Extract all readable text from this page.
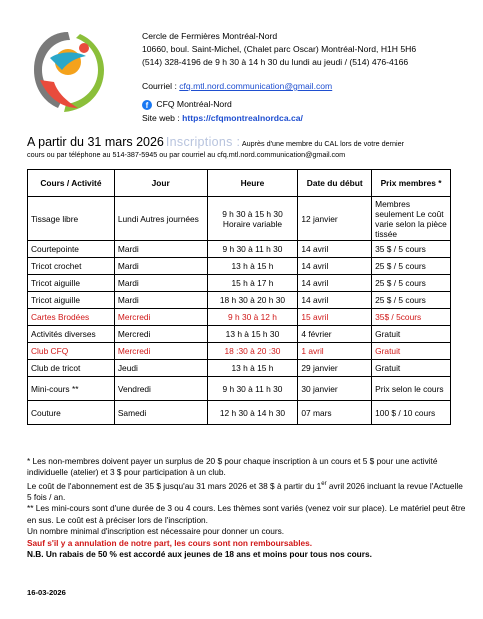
Cercle de Fermières Montréal-Nord
10660, boul. Saint-Michel, (Chalet parc Oscar) Montréal-Nord, H1H 5H6
(514) 328-4196 de 9 h 30 à 14 h 30 du lundi au jeudi / (514) 476-4166
Courriel : cfq.mtl.nord.communication@gmail.com
f CFQ Montréal-Nord
Site web : https://cfqmontrealnordca.ca/
A partir du 31 mars 2026 Inscriptions : Auprès d'une membre du CAL lors de votre dernier
cours ou par téléphone au 514-387-5945 ou par courriel au cfq.mtl.nord.communication@gmail.com
Cours / Activité	Jour	Heure	Date du début	Prix membres *
Tissage libre	Lundi Autres journées	9 h 30 à 15 h 30 Horaire variable	12 janvier	Membres seulement Le coût varie selon la pièce tissée
Courtepointe	Mardi	9 h 30 à 11 h 30	14 avril	35 $ / 5 cours
Tricot crochet	Mardi	13 h à 15 h	14 avril	25 $ / 5 cours
Tricot aiguille	Mardi	15 h à 17 h	14 avril	25 $ / 5 cours
Tricot aiguille	Mardi	18 h 30 à 20 h 30	14 avril	25 $ / 5 cours
Cartes Brodées	Mercredi	9 h 30 à 12 h	15 avril	35$ / 5cours
Activités diverses	Mercredi	13 h à 15 h 30	4 février	Gratuit
Club CFQ	Mercredi	18 :30 à 20 :30	1 avril	Gratuit
Club de tricot	Jeudi	13 h à 15 h	29 janvier	Gratuit
Mini-cours **	Vendredi	9 h 30 à 11 h 30	30 janvier	Prix selon le cours
Couture	Samedi	12 h 30 à 14 h 30	07 mars	100 $ / 10 cours

* Les non-membres doivent payer un surplus de 20 $ pour chaque inscription à un cours et 5 $ pour une activité individuelle (atelier) et 3 $ pour participation à un club.

Le coût de l'abonnement est de 35 $ jusqu'au 31 mars 2026 et 38 $ à partir du 1er avril 2026 incluant la revue l'Actuelle 5 fois / an.

** Les mini-cours sont d'une durée de 3 ou 4 cours. Les thèmes sont variés (venez voir sur place). Le matériel peut être en sus. Le coût est à préciser lors de l'inscription.

Un nombre minimal d'inscription est nécessaire pour donner un cours.

Sauf s'il y a annulation de notre part, les cours sont non remboursables.

N.B. Un rabais de 50 % est accordé aux jeunes de 18 ans et moins pour tous nos cours.

16-03-2026
